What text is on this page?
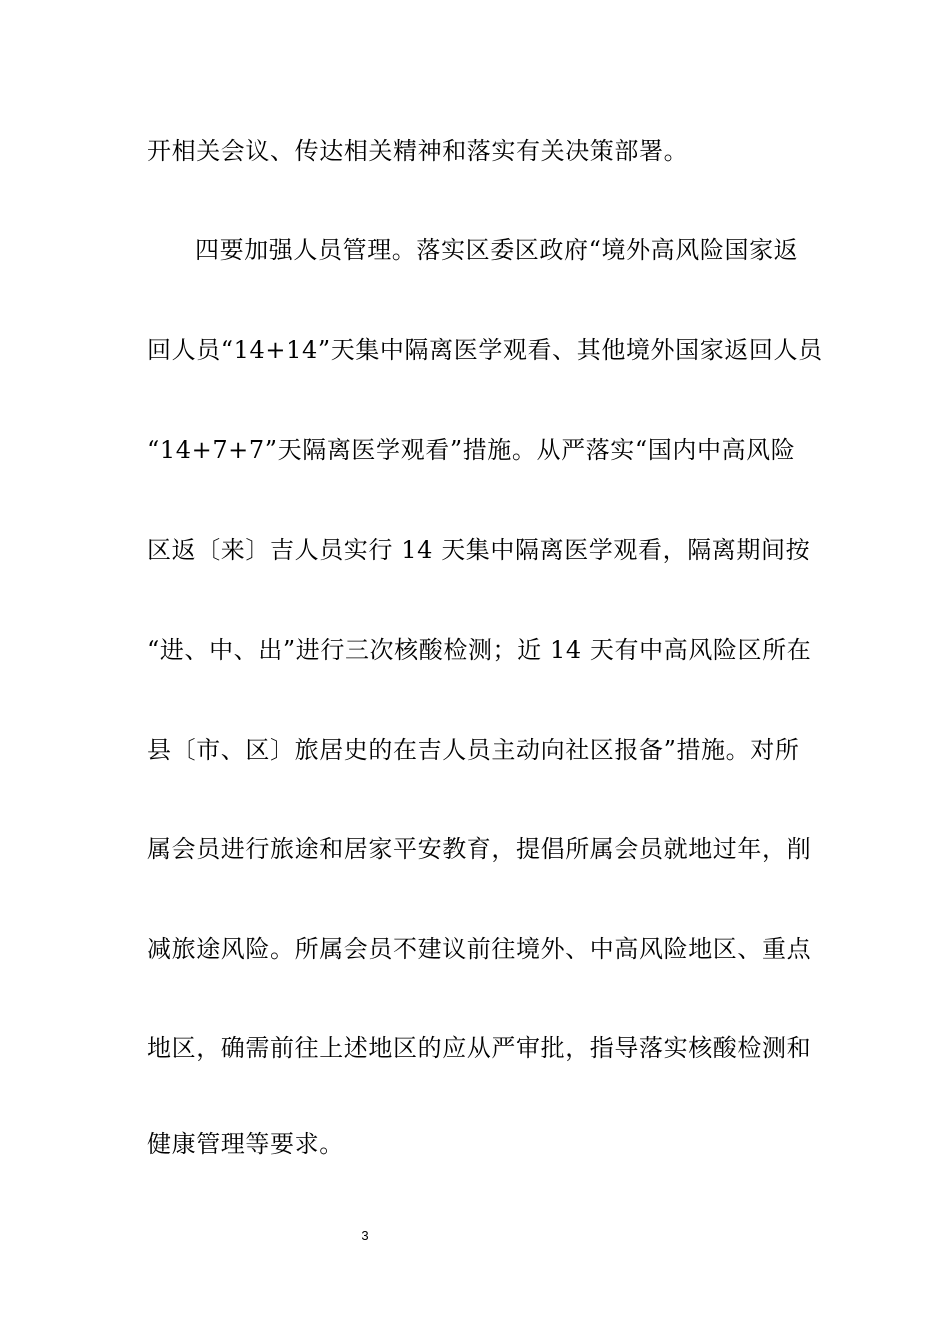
开相关会议、传达相关精神和落实有关决策部署。
四要加强人员管理。落实区委区政府“境外高风险国家返
回人员“14+14”天集中隔离医学观看、其他境外国家返回人员
“14+7+7”天隔离医学观看”措施。从严落实“国内中高风险
区返〔来〕吉人员实行 14 天集中隔离医学观看，隔离期间按
“进、中、出”进行三次核酸检测；近 14 天有中高风险区所在
县〔市、区〕旅居史的在吉人员主动向社区报备”措施。对所
属会员进行旅途和居家平安教育，提倡所属会员就地过年，削
减旅途风险。所属会员不建议前往境外、中高风险地区、重点
地区，确需前往上述地区的应从严审批，指导落实核酸检测和
健康管理等要求。
3
